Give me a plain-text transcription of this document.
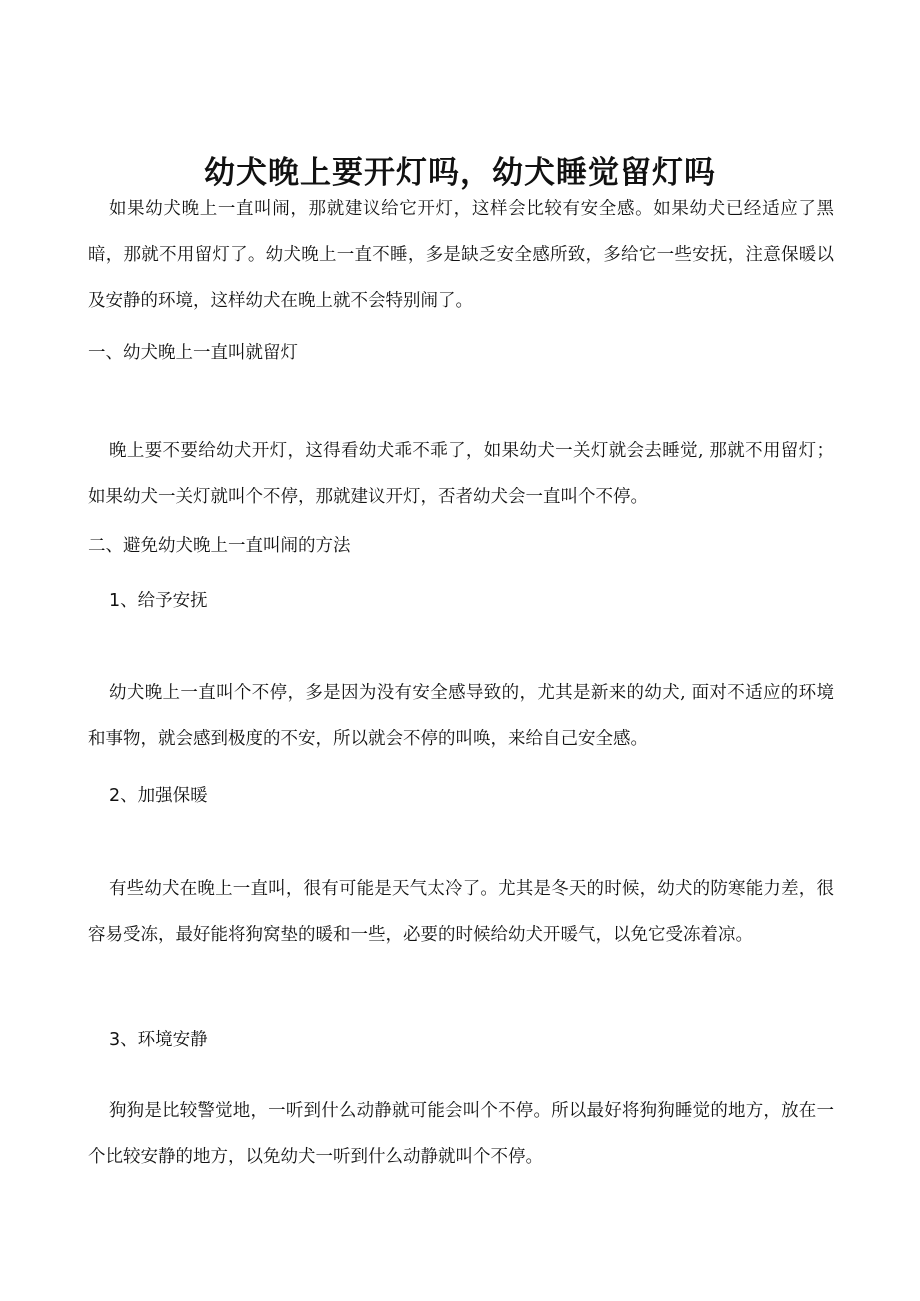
幼犬晚上要开灯吗，幼犬睡觉留灯吗

如果幼犬晚上一直叫闹，那就建议给它开灯，这样会比较有安全感。如果幼犬已经适应了黑暗，那就不用留灯了。幼犬晚上一直不睡，多是缺乏安全感所致，多给它一些安抚，注意保暖以及安静的环境，这样幼犬在晚上就不会特别闹了。

一、幼犬晚上一直叫就留灯

晚上要不要给幼犬开灯，这得看幼犬乖不乖了，如果幼犬一关灯就会去睡觉, 那就不用留灯；如果幼犬一关灯就叫个不停，那就建议开灯，否者幼犬会一直叫个不停。

二、避免幼犬晚上一直叫闹的方法

1、给予安抚

幼犬晚上一直叫个不停，多是因为没有安全感导致的，尤其是新来的幼犬, 面对不适应的环境和事物，就会感到极度的不安，所以就会不停的叫唤，来给自己安全感。

2、加强保暖

有些幼犬在晚上一直叫，很有可能是天气太冷了。尤其是冬天的时候，幼犬的防寒能力差，很容易受冻，最好能将狗窝垫的暖和一些，必要的时候给幼犬开暖气，以免它受冻着凉。

3、环境安静

狗狗是比较警觉地，一听到什么动静就可能会叫个不停。所以最好将狗狗睡觉的地方，放在一个比较安静的地方，以免幼犬一听到什么动静就叫个不停。
